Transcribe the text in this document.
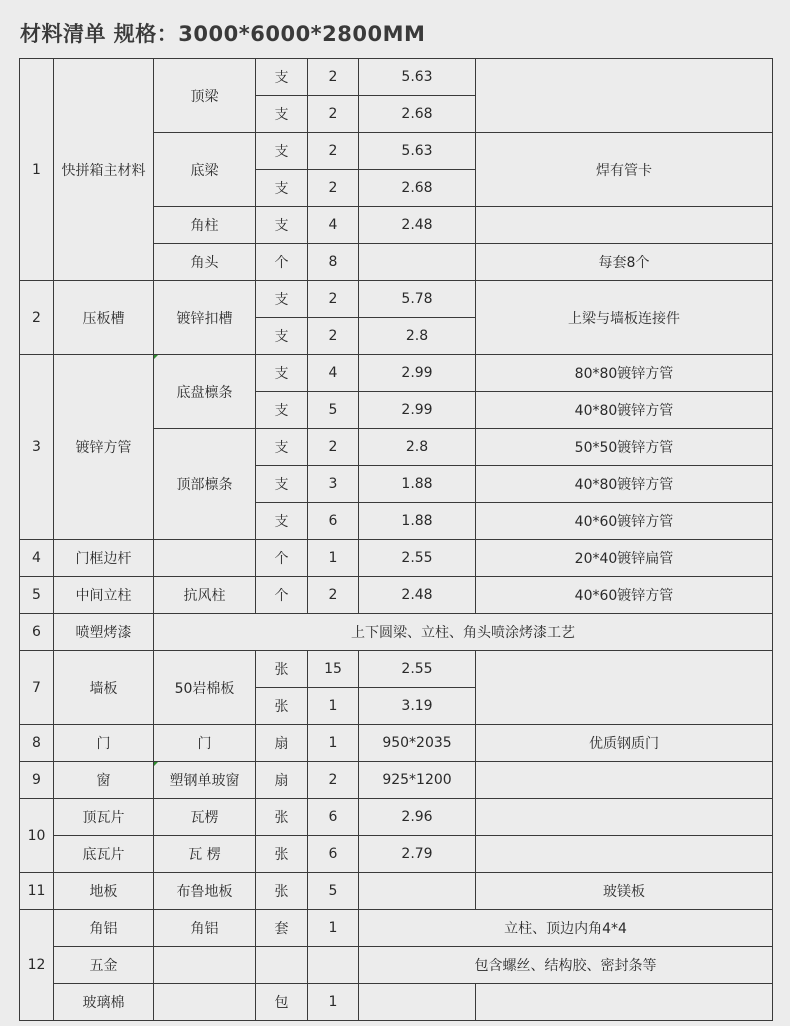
材料清单 规格：3000*6000*2800MM
1	快拼箱主材料	顶梁	支	2	5.63	
			支	2	2.68	
		底梁	支	2	5.63	焊有管卡
			支	2	2.68	
		角柱	支	4	2.48	
		角头	个	8		每套8个
2	压板槽	镀锌扣槽	支	2	5.78	上梁与墙板连接件
			支	2	2.8	
3	镀锌方管	底盘檩条	支	4	2.99	80*80镀锌方管
			支	5	2.99	40*80镀锌方管
		顶部檩条	支	2	2.8	50*50镀锌方管
			支	3	1.88	40*80镀锌方管
			支	6	1.88	40*60镀锌方管
4	门框边杆		个	1	2.55	20*40镀锌扁管
5	中间立柱	抗风柱	个	2	2.48	40*60镀锌方管
6	喷塑烤漆	上下圆梁、立柱、角头喷涂烤漆工艺				
7	墙板	50岩棉板	张	15	2.55	
			张	1	3.19	
8	门	门	扇	1	950*2035	优质钢质门
9	窗	塑钢单玻窗	扇	2	925*1200	
10	顶瓦片	瓦楞	张	6	2.96	
	底瓦片	瓦 楞	张	6	2.79	
11	地板	布鲁地板	张	5		玻镁板
12	角铝	角铝	套	1	立柱、顶边内角4*4	
	五金				包含螺丝、结构胶、密封条等	
	玻璃棉		包	1		
